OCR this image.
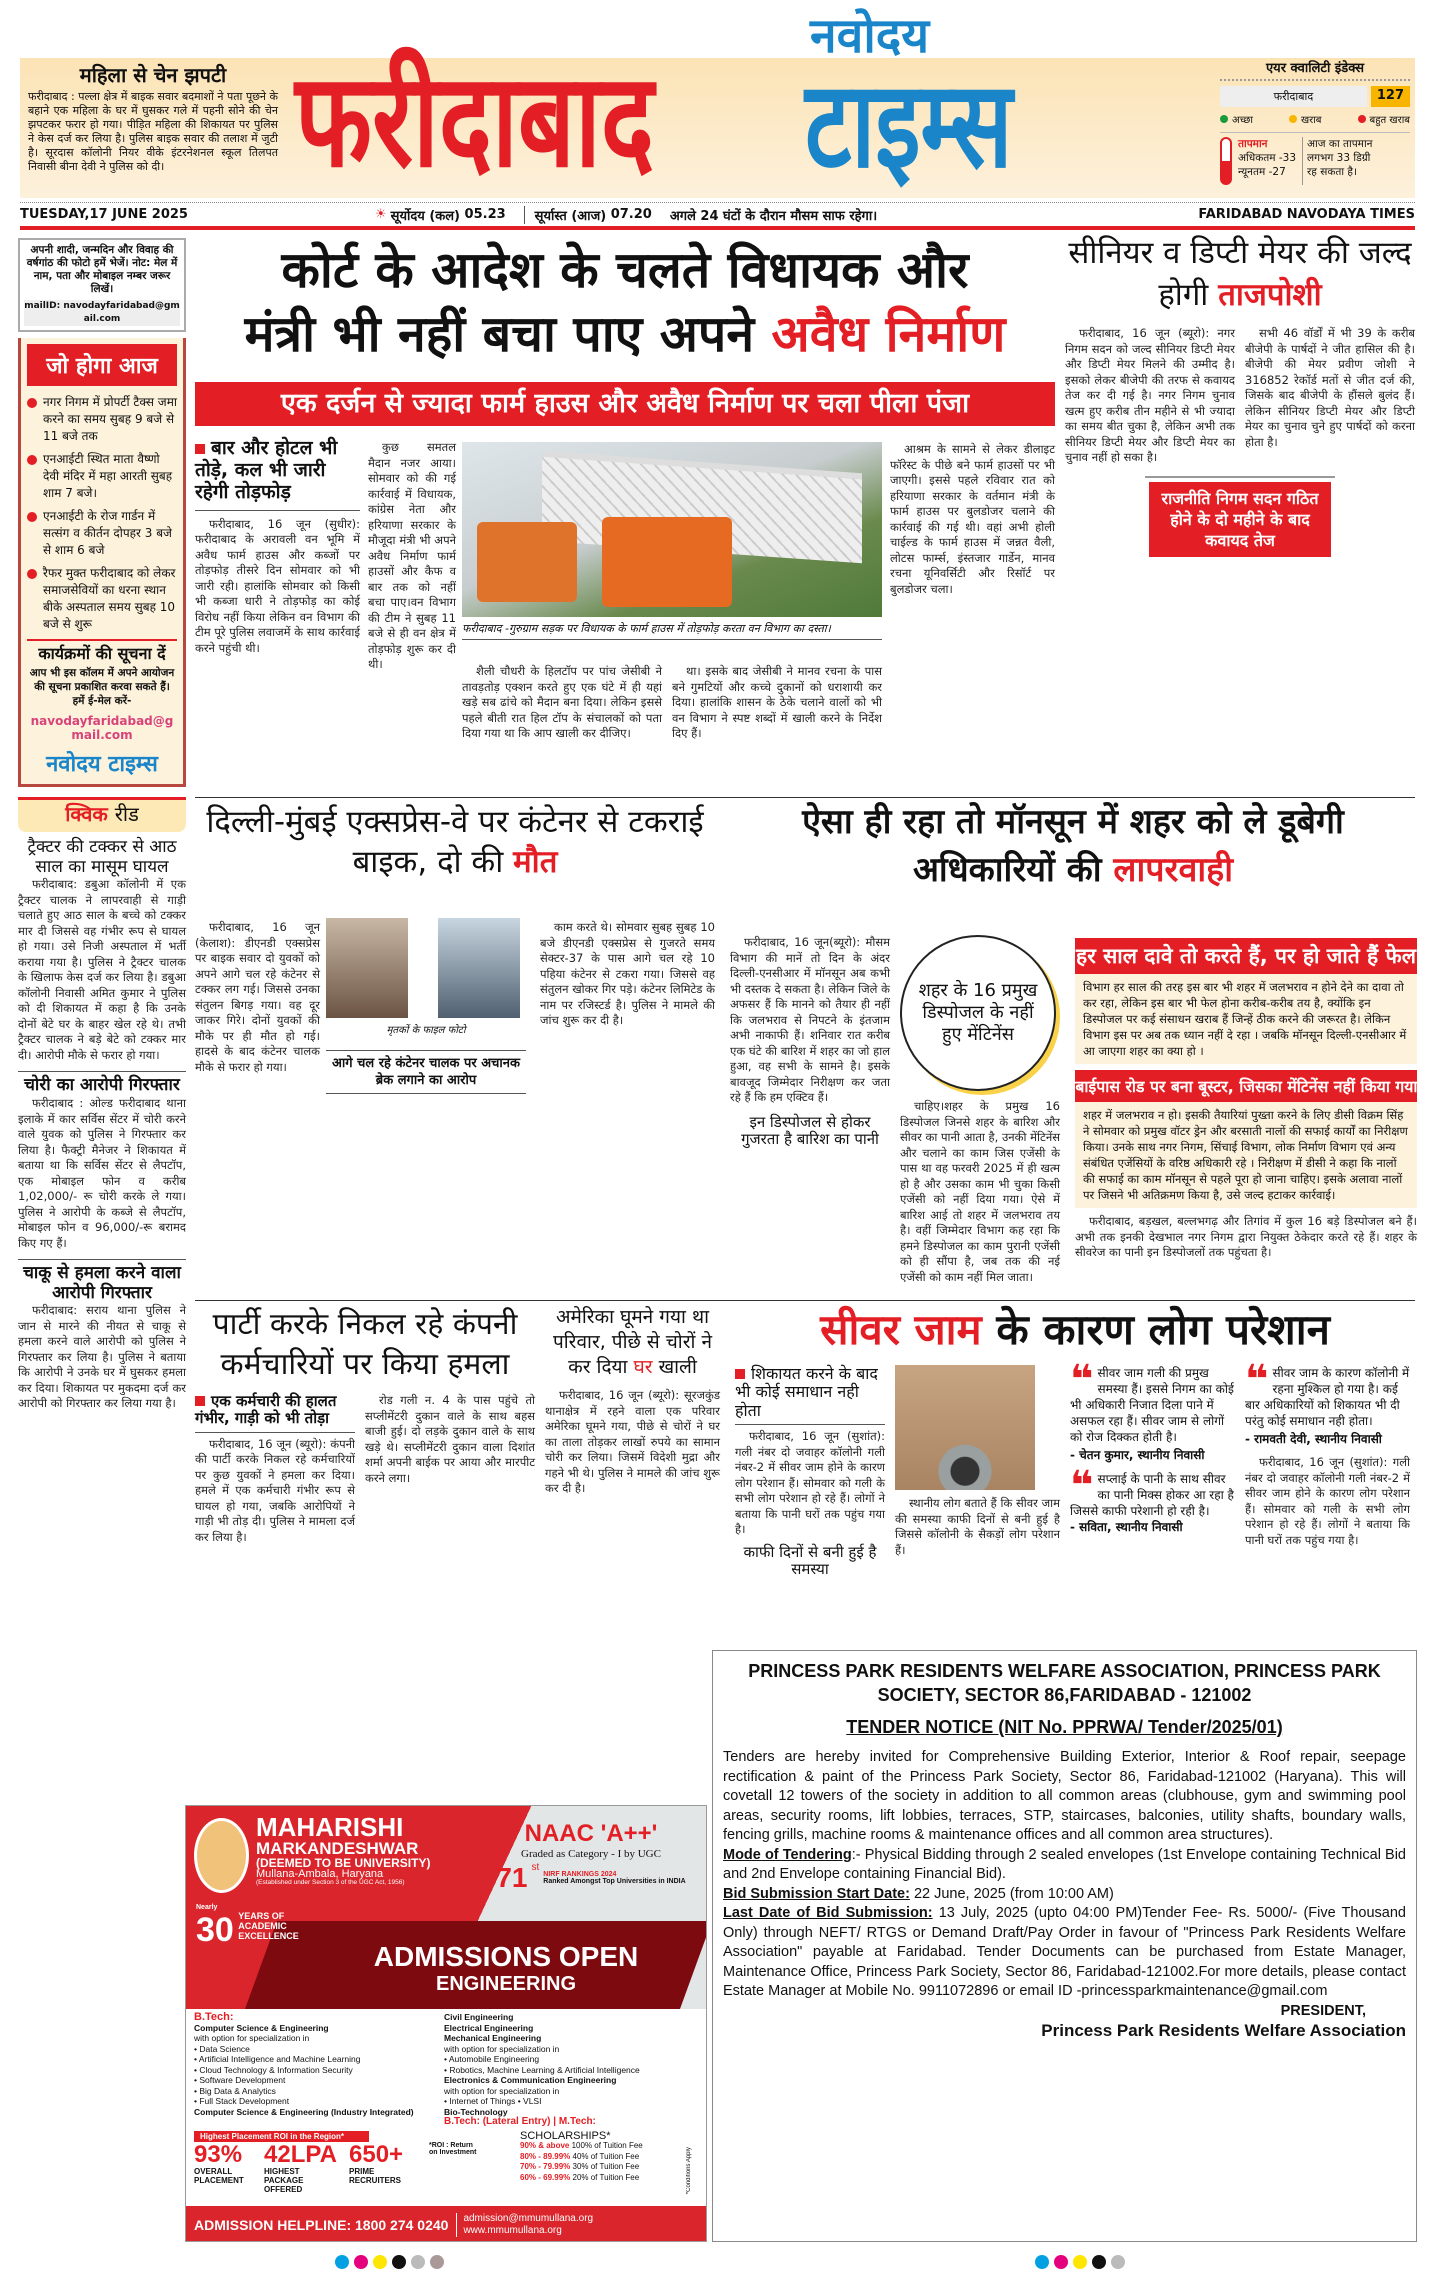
महिला से चेन झपटी
फरीदाबाद : पल्ला क्षेत्र में बाइक सवार बदमाशों ने पता पूछने के बहाने एक महिला के घर में घुसकर गले में पहनी सोने की चेन झपटकर फरार हो गया। पीड़ित महिला की शिकायत पर पुलिस ने केस दर्ज कर लिया है। पुलिस बाइक सवार की तलाश में जुटी है। सूरदास कॉलोनी नियर वीके इंटरनेशनल स्कूल तिलपत निवासी बीना देवी ने पुलिस को दी।
नवोदय
फरीदाबाद	टाइम्स	एयर क्वालिटी इंडेक्स
फरीदाबाद	127
अच्छा	खराब	बहुत खराब
तापमान
अधिकतम -33
न्यूनतम -27
आज का तापमान लगभग 33 डिग्री रह सकता है।
TUESDAY,17 JUNE 2025	☀ सूर्योदय (कल)
05.23	सूर्यास्त (आज)
07.20 अगले 24 घंटों के दौरान मौसम साफ रहेगा।	FARIDABAD NAVODAYA TIMES
अपनी शादी, जन्मदिन और विवाह की वर्षगांठ की फोटो हमें भेजें। नोट: मेल में नाम, पता और मोबाइल नम्बर जरूर लिखें।
mailID: navodayfaridabad@gmail.com
जो होगा आज
नगर निगम में प्रोपर्टी टैक्स जमा करने का समय सुबह 9 बजे से 11 बजे तक
एनआईटी स्थित माता वैष्णो देवी मंदिर में महा आरती सुबह शाम 7 बजे।
एनआईटी के रोज गार्डन में सत्संग व कीर्तन दोपहर 3 बजे से शाम 6 बजे
रैफर मुक्त फरीदाबाद को लेकर समाजसेवियों का धरना स्थान बीके अस्पताल समय सुबह 10 बजे से शुरू
कार्यक्रमों की सूचना दें
आप भी इस कॉलम में अपने आयोजन की सूचना प्रकाशित करवा सकते हैं। हमें ई-मेल करें-
navodayfaridabad@gmail.com
नवोदय टाइम्स
क्विक रीड
ट्रैक्टर की टक्कर से आठ साल का मासूम घायल
फरीदाबाद: डबुआ कॉलोनी में एक ट्रैक्टर चालक ने लापरवाही से गाड़ी चलाते हुए आठ साल के बच्चे को टक्कर मार दी जिससे वह गंभीर रूप से घायल हो गया। उसे निजी अस्पताल में भर्ती कराया गया है। पुलिस ने ट्रैक्टर चालक के खिलाफ केस दर्ज कर लिया है। डबुआ कॉलोनी निवासी अमित कुमार ने पुलिस को दी शिकायत में कहा है कि उनके दोनों बेटे घर के बाहर खेल रहे थे। तभी ट्रैक्टर चालक ने बड़े बेटे को टक्कर मार दी। आरोपी मौके से फरार हो गया।
चोरी का आरोपी गिरफ्तार
फरीदाबाद : ओल्ड फरीदाबाद थाना इलाके में कार सर्विस सेंटर में चोरी करने वाले युवक को पुलिस ने गिरफ्तार कर लिया है। फैक्ट्री मैनेजर ने शिकायत में बताया था कि सर्विस सेंटर से लैपटॉप, एक मोबाइल फोन व करीब 1,02,000/- रू चोरी करके ले गया। पुलिस ने आरोपी के कब्जे से लैपटॉप, मोबाइल फोन व 96,000/-रू बरामद किए गए हैं।
चाकू से हमला करने वाला आरोपी गिरफ्तार
फरीदाबाद: सराय थाना पुलिस ने जान से मारने की नीयत से चाकू से हमला करने वाले आरोपी को पुलिस ने गिरफ्तार कर लिया है। पुलिस ने बताया कि आरोपी ने उनके घर में घुसकर हमला कर दिया। शिकायत पर मुकदमा दर्ज कर आरोपी को गिरफ्तार कर लिया गया है।
कोर्ट के आदेश के चलते विधायक और
मंत्री भी नहीं बचा पाए अपने अवैध निर्माण
एक दर्जन से ज्यादा फार्म हाउस और अवैध निर्माण पर चला पीला पंजा
बार और होटल भी तोड़े, कल भी जारी रहेगी तोड़फोड़
फरीदाबाद, 16 जून (सुधीर): फरीदाबाद के अरावली वन भूमि में अवैध फार्म हाउस और कब्जों पर तोड़फोड़ तीसरे दिन सोमवार को भी जारी रही। हालांकि सोमवार को किसी भी कब्जा धारी ने तोड़फोड़ का कोई विरोध नहीं किया लेकिन वन विभाग की टीम पूरे पुलिस लवाजमें के साथ कार्रवाई करने पहुंची थी।
कुछ समतल मैदान नजर आया।सोमवार को की गई कार्रवाई में विधायक, कांग्रेस नेता और हरियाणा सरकार के मौजूदा मंत्री भी अपने अवैध निर्माण फार्म हाउसों और कैफ व बार तक को नहीं बचा पाए।वन विभाग की टीम ने सुबह 11 बजे से ही वन क्षेत्र में तोड़फोड़ शुरू कर दी थी।
फरीदाबाद -गुरुग्राम सड़क पर विधायक के फार्म हाउस में तोड़फोड़ करता वन विभाग का दस्ता।
शैली चौधरी के हिलटॉप पर पांच जेसीबी ने तावड़तोड़ एक्शन करते हुए एक घंटे में ही यहां खड़े सब ढांचे को मैदान बना दिया। लेकिन इससे पहले बीती रात हिल टॉप के संचालकों को पता दिया गया था कि आप खाली कर दीजिए।
था। इसके बाद जेसीबी ने मानव रचना के पास बने गुमटियों और कच्चे दुकानों को धराशायी कर दिया। हालांकि शासन के ठेके चलाने वालों को भी वन विभाग ने स्पष्ट शब्दों में खाली करने के निर्देश दिए हैं।
आश्रम के सामने से लेकर डीलाइट फॉरेस्ट के पीछे बने फार्म हाउसों पर भी जाएगी। इससे पहले रविवार रात को हरियाणा सरकार के वर्तमान मंत्री के फार्म हाउस पर बुलडोजर चलाने की कार्रवाई की गई थी। वहां अभी होली चाईल्ड के फार्म हाउस में जन्नत वैली, लोटस फार्म्स, इंस्तजार गार्डेन, मानव रचना यूनिवर्सिटी और रिसॉर्ट पर बुलडोजर चला।
सीनियर व डिप्टी मेयर की जल्द होगी ताजपोशी
फरीदाबाद, 16 जून (ब्यूरो): नगर निगम सदन को जल्द सीनियर डिप्टी मेयर और डिप्टी मेयर मिलने की उम्मीद है। इसको लेकर बीजेपी की तरफ से कवायद तेज कर दी गई है। नगर निगम चुनाव खत्म हुए करीब तीन महीने से भी ज्यादा का समय बीत चुका है, लेकिन अभी तक सीनियर डिप्टी मेयर और डिप्टी मेयर का चुनाव नहीं हो सका है।
सभी 46 वॉर्डों में भी 39 के करीब बीजेपी के पार्षदों ने जीत हासिल की है। बीजेपी की मेयर प्रवीण जोशी ने 316852 रेकॉर्ड मतों से जीत दर्ज की, जिसके बाद बीजेपी के हौंसले बुलंद हैं। लेकिन सीनियर डिप्टी मेयर और डिप्टी मेयर का चुनाव चुने हुए पार्षदों को करना होता है।
राजनीति निगम सदन गठित होने के दो महीने के बाद कवायद तेज
दिल्ली-मुंबई एक्सप्रेस-वे पर कंटेनर से टकराई बाइक, दो की मौत
फरीदाबाद, 16 जून (केलाश): डीएनडी एक्सप्रेस पर बाइक सवार दो युवकों को अपने आगे चल रहे कंटेनर से टक्कर लग गई। जिससे उनका संतुलन बिगड़ गया। वह दूर जाकर गिरे। दोनों युवकों की मौके पर ही मौत हो गई। हादसे के बाद कंटेनर चालक मौके से फरार हो गया।
मृतकों के फाइल फोटो
आगे चल रहे कंटेनर चालक पर अचानक ब्रेक लगाने का आरोप
काम करते थे। सोमवार सुबह सुबह 10 बजे डीएनडी एक्सप्रेस से गुजरते समय सेक्टर-37 के पास आगे चल रहे 10 पहिया कंटेनर से टकरा गया। जिससे वह संतुलन खोकर गिर पड़े। कंटेनर लिमिटेड के नाम पर रजिस्टर्ड है। पुलिस ने मामले की जांच शुरू कर दी है।
ऐसा ही रहा तो मॉनसून में शहर को ले डूबेगी अधिकारियों की लापरवाही
फरीदाबाद, 16 जून(ब्यूरो): मौसम विभाग की मानें तो दिन के अंदर दिल्ली-एनसीआर में मॉनसून अब कभी भी दस्तक दे सकता है। लेकिन जिले के अफसर हैं कि मानने को तैयार ही नहीं कि जलभराव से निपटने के इंतजाम अभी नाकाफी हैं। शनिवार रात करीब एक घंटे की बारिश में शहर का जो हाल हुआ, वह सभी के सामने है। इसके बावजूद जिम्मेदार निरीक्षण कर जता रहे हैं कि हम एक्टिव हैं।
इन डिस्पोजल से होकर गुजरता है बारिश का पानी
शहर के 16 प्रमुख डिस्पोजल के नहीं हुए मेंटिनेंस
चाहिए।शहर के प्रमुख 16 डिस्पोजल जिनसे शहर के बारिश और सीवर का पानी आता है, उनकी मेंटिनेंस और चलाने का काम जिस एजेंसी के पास था वह फरवरी 2025 में ही खत्म हो है और उसका काम भी चुका किसी एजेंसी को नहीं दिया गया। ऐसे में बारिश आई तो शहर में जलभराव तय है। वहीं जिम्मेदार विभाग कह रहा कि हमने डिस्पोजल का काम पुरानी एजेंसी को ही सौंपा है, जब तक की नई एजेंसी को काम नहीं मिल जाता।
हर साल दावे तो करते हैं, पर हो जाते हैं फेल
विभाग हर साल की तरह इस बार भी शहर में जलभराव न होने देने का दावा तो कर रहा, लेकिन इस बार भी फेल होना करीब-करीब तय है, क्योंकि इन डिस्पोजल पर कई संसाधन खराब हैं जिन्हें ठीक करने की जरूरत है। लेकिन विभाग इस पर अब तक ध्यान नहीं दे रहा । जबकि मॉनसून दिल्ली-एनसीआर में आ जाएगा शहर का क्या हो ।
बाईपास रोड पर बना बूस्टर, जिसका मेंटिनेंस नहीं किया गया
शहर में जलभराव न हो। इसकी तैयारियां पुख्ता करने के लिए डीसी विक्रम सिंह ने सोमवार को प्रमुख वॉटर ड्रेन और बरसाती नालों की सफाई कार्यों का निरीक्षण किया। उनके साथ नगर निगम, सिंचाई विभाग, लोक निर्माण विभाग एवं अन्य संबंधित एजेंसियों के वरिष्ठ अधिकारी रहे । निरीक्षण में डीसी ने कहा कि नालों की सफाई का काम मॉनसून से पहले पूरा हो जाना चाहिए। इसके अलावा नालों पर जिसने भी अतिक्रमण किया है, उसे जल्द हटाकर कार्रवाई।
फरीदाबाद, बड़खल, बल्लभगढ़ और तिगांव में कुल 16 बड़े डिस्पोजल बने हैं। अभी तक इनकी देखभाल नगर निगम द्वारा नियुक्त ठेकेदार करते रहे हैं। शहर के सीवरेज का पानी इन डिस्पोजलों तक पहुंचता है।
पार्टी करके निकल रहे कंपनी कर्मचारियों पर किया हमला
एक कर्मचारी की हालत गंभीर, गाड़ी को भी तोड़ा
फरीदाबाद, 16 जून (ब्यूरो): कंपनी की पार्टी करके निकल रहे कर्मचारियों पर कुछ युवकों ने हमला कर दिया। हमले में एक कर्मचारी गंभीर रूप से घायल हो गया, जबकि आरोपियों ने गाड़ी भी तोड़ दी। पुलिस ने मामला दर्ज कर लिया है।
रोड गली न. 4 के पास पहुंचे तो सप्लीमेंटरी दुकान वाले के साथ बहस बाजी हुई। दो लड़के दुकान वाले के साथ खड़े थे। सप्लीमेंटरी दुकान वाला दिशांत शर्मा अपनी बाईक पर आया और मारपीट करने लगा।
अमेरिका घूमने गया था परिवार, पीछे से चोरों ने कर दिया घर खाली
फरीदाबाद, 16 जून (ब्यूरो): सूरजकुंड थानाक्षेत्र में रहने वाला एक परिवार अमेरिका घूमने गया, पीछे से चोरों ने घर का ताला तोड़कर लाखों रुपये का सामान चोरी कर लिया। जिसमें विदेशी मुद्रा और गहने भी थे। पुलिस ने मामले की जांच शुरू कर दी है।
सीवर जाम के कारण लोग परेशान
शिकायत करने के बाद भी कोई समाधान नही होता
फरीदाबाद, 16 जून (सुशांत): गली नंबर दो जवाहर कॉलोनी गली नंबर-2 में सीवर जाम होने के कारण लोग परेशान हैं। सोमवार को गली के सभी लोग परेशान हो रहे हैं। लोगों ने बताया कि पानी घरों तक पहुंच गया है।
काफी दिनों से बनी हुई है समस्या
स्थानीय लोग बताते हैं कि सीवर जाम की समस्या काफी दिनों से बनी हुई है जिससे कॉलोनी के सैकड़ों लोग परेशान हैं।
❝ सीवर जाम गली की प्रमुख समस्या हैं। इससे निगम का कोई भी अधिकारी निजात दिला पाने में असफल रहा हैं। सीवर जाम से लोगों को रोज दिक्कत होती है।
- चेतन कुमार, स्थानीय निवासी
❝ सप्लाई के पानी के साथ सीवर का पानी मिक्स होकर आ रहा है जिससे काफी परेशानी हो रही है।
- सविता, स्थानीय निवासी
❝ सीवर जाम के कारण कॉलोनी में रहना मुश्किल हो गया है। कई बार अधिकारियों को शिकायत भी दी परंतु कोई समाधान नही होता।
- रामवती देवी, स्थानीय निवासी
फरीदाबाद, 16 जून (सुशांत): गली नंबर दो जवाहर कॉलोनी गली नंबर-2 में सीवर जाम होने के कारण लोग परेशान हैं। सोमवार को गली के सभी लोग परेशान हो रहे हैं। लोगों ने बताया कि पानी घरों तक पहुंच गया है।
PRINCESS PARK RESIDENTS WELFARE ASSOCIATION, PRINCESS PARK SOCIETY, SECTOR 86,FARIDABAD - 121002
TENDER NOTICE (NIT No. PPRWA/ Tender/2025/01)
Tenders are hereby invited for Comprehensive Building Exterior, Interior & Roof repair, seepage rectification & paint of the Princess Park Society, Sector 86, Faridabad-121002 (Haryana). This will covetall 12 towers of the society in addition to all common areas (clubhouse, gym and swimming pool areas, security rooms, lift lobbies, terraces, STP, staircases, balconies, utility shafts, boundary walls, fencing grills, machine rooms & maintenance offices and all common area structures).
Mode of Tendering:- Physical Bidding through 2 sealed envelopes (1st Envelope containing Technical Bid and 2nd Envelope containing Financial Bid).
Bid Submission Start Date: 22 June, 2025 (from 10:00 AM)
Last Date of Bid Submission: 13 July, 2025 (upto 04:00 PM)Tender Fee- Rs. 5000/- (Five Thousand Only) through NEFT/ RTGS or Demand Draft/Pay Order in favour of "Princess Park Residents Welfare Association" payable at Faridabad. Tender Documents can be purchased from Estate Manager, Maintenance Office, Princess Park Society, Sector 86, Faridabad-121002.For more details, please contact Estate Manager at Mobile No. 9911072896 or email ID -princessparkmaintenance@gmail.com
PRESIDENT,
Princess Park Residents Welfare Association
MAHARISHI
MARKANDESHWAR
(DEEMED TO BE UNIVERSITY)
Mullana-Ambala, Haryana
(Established under Section 3 of the UGC Act, 1956)
Nearly
30 YEARS OF ACADEMIC EXCELLENCE
NAAC 'A++'
Graded as Category - I by UGC
71 st
NIRF RANKINGS 2024
Ranked Amongst Top Universities in INDIA
ADMISSIONS OPEN
ENGINEERING
B.Tech:
Computer Science & Engineering
with option for specialization in
• Data Science
• Artificial Intelligence and Machine Learning
• Cloud Technology & Information Security
• Software Development
• Big Data & Analytics
• Full Stack Development
Computer Science & Engineering (Industry Integrated)
Civil Engineering
Electrical Engineering
Mechanical Engineering
with option for specialization in
• Automobile Engineering
• Robotics, Machine Learning & Artificial Intelligence
Electronics & Communication Engineering
with option for specialization in
• Internet of Things • VLSI
Bio-Technology
B.Tech: (Lateral Entry) | M.Tech:
Highest Placement ROI in the Region*
93%
OVERALL PLACEMENT
42LPA
HIGHEST PACKAGE OFFERED
650+
PRIME RECRUITERS
*ROI : Return on Investment
SCHOLARSHIPS*
90% & above 100% of Tuition Fee
80% - 89.99% 40% of Tuition Fee
70% - 79.99% 30% of Tuition Fee
60% - 69.99% 20% of Tuition Fee	*Conditions Apply
ADMISSION HELPLINE: 1800 274 0240 admission@mmumullana.org
www.mmumullana.org
